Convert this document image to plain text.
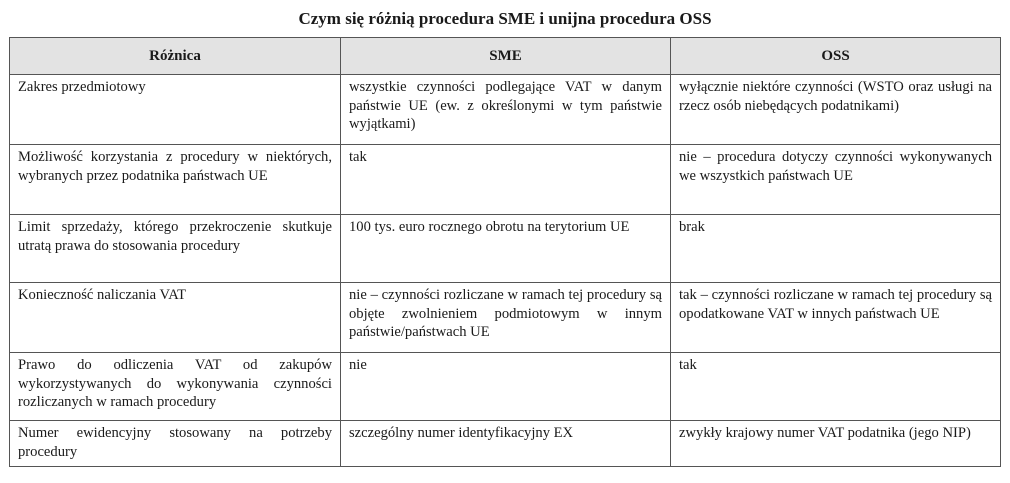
Czym się różnią procedura SME i unijna procedura OSS
Różnica	SME	OSS
Zakres przedmiotowy	wszystkie czynności podlegające VAT w danym państwie UE (ew. z określonymi w tym państwie wyjątkami)	wyłącznie niektóre czynności (WSTO oraz usługi na rzecz osób niebędących podatnikami)
Możliwość korzystania z procedury w niektórych, wybranych przez podatnika państwach UE	tak	nie – procedura dotyczy czynności wykonywanych we wszystkich państwach UE
Limit sprzedaży, którego przekroczenie skutkuje utratą prawa do stosowania procedury	100 tys. euro rocznego obrotu na terytorium UE	brak
Konieczność naliczania VAT	nie – czynności rozliczane w ramach tej procedury są objęte zwolnieniem podmiotowym w innym państwie/państwach UE	tak – czynności rozliczane w ramach tej procedury są opodatkowane VAT w innych państwach UE
Prawo do odliczenia VAT od zakupów wykorzystywanych do wykonywania czynności rozliczanych w ramach procedury	nie	tak
Numer ewidencyjny stosowany na potrzeby procedury	szczególny numer identyfikacyjny EX	zwykły krajowy numer VAT podatnika (jego NIP)
